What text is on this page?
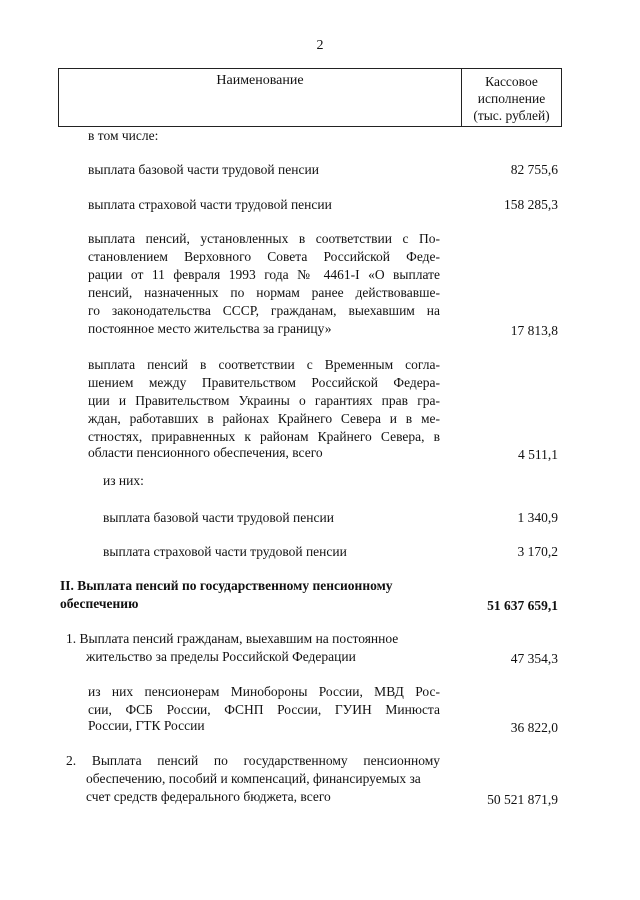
2
Наименование	Кассовое
исполнение
(тыс. рублей)
в том числе:
выплата базовой части трудовой пенсии	82 755,6
выплата страховой части трудовой пенсии	158 285,3
выплата пенсий, установленных в соответствии с По-
становлением Верховного Совета Российской Феде-
рации от 11 февраля 1993 года № 4461-I «О выплате
пенсий, назначенных по нормам ранее действовавше-
го законодательства СССР, гражданам, выехавшим на
постоянное место жительства за границу»	17 813,8
выплата пенсий в соответствии с Временным согла-
шением между Правительством Российской Федера-
ции и Правительством Украины о гарантиях прав гра-
ждан, работавших в районах Крайнего Севера и в ме-
стностях, приравненных к районам Крайнего Севера, в
области пенсионного обеспечения, всего	4 511,1
из них:
выплата базовой части трудовой пенсии	1 340,9
выплата страховой части трудовой пенсии	3 170,2
II. Выплата пенсий по государственному пенсионному
обеспечению	51 637 659,1
1. Выплата пенсий гражданам, выехавшим на постоянное
жительство за пределы Российской Федерации	47 354,3
из них пенсионерам Минобороны России, МВД Рос-
сии, ФСБ России, ФСНП России, ГУИН Минюста
России, ГТК России	36 822,0
2. Выплата пенсий по государственному пенсионному
обеспечению, пособий и компенсаций, финансируемых за
счет средств федерального бюджета, всего	50 521 871,9
